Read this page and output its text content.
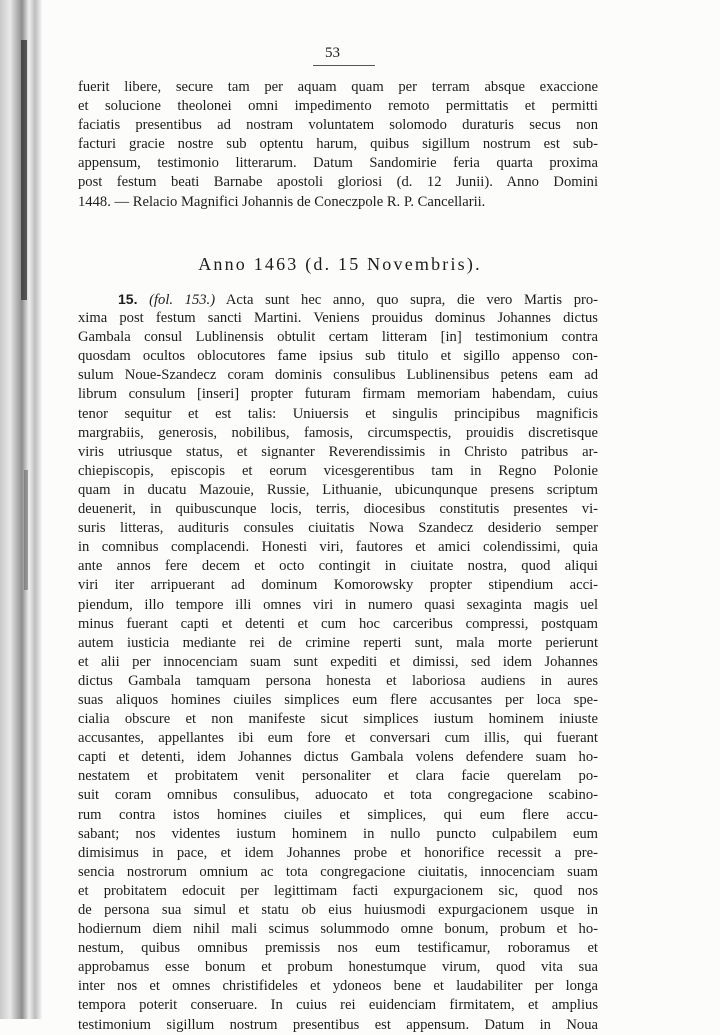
53
fuerit libere, secure tam per aquam quam per terram absque exaccione
et solucione theolonei omni impedimento remoto permittatis et permitti
faciatis presentibus ad nostram voluntatem solomodo duraturis secus non
facturi gracie nostre sub optentu harum, quibus sigillum nostrum est sub-
appensum, testimonio litterarum. Datum Sandomirie feria quarta proxima
post festum beati Barnabe apostoli gloriosi (d. 12 Junii). Anno Domini
1448. — Relacio Magnifici Johannis de Coneczpole R. P. Cancellarii.
Anno 1463 (d. 15 Novembris).
15. (fol. 153.) Acta sunt hec anno, quo supra, die vero Martis pro-
xima post festum sancti Martini. Veniens prouidus dominus Johannes dictus
Gambala consul Lublinensis obtulit certam litteram [in] testimonium contra
quosdam ocultos oblocutores fame ipsius sub titulo et sigillo appenso con-
sulum Noue-Szandecz coram dominis consulibus Lublinensibus petens eam ad
librum consulum [inseri] propter futuram firmam memoriam habendam, cuius
tenor sequitur et est talis: Uniuersis et singulis principibus magnificis
margrabiis, generosis, nobilibus, famosis, circumspectis, prouidis discretisque
viris utriusque status, et signanter Reverendissimis in Christo patribus ar-
chiepiscopis, episcopis et eorum vicesgerentibus tam in Regno Polonie
quam in ducatu Mazouie, Russie, Lithuanie, ubicunqunque presens scriptum
deuenerit, in quibuscunque locis, terris, diocesibus constitutis presentes vi-
suris litteras, audituris consules ciuitatis Nowa Szandecz desiderio semper
in comnibus complacendi. Honesti viri, fautores et amici colendissimi, quia
ante annos fere decem et octo contingit in ciuitate nostra, quod aliqui
viri iter arripuerant ad dominum Komorowsky propter stipendium acci-
piendum, illo tempore illi omnes viri in numero quasi sexaginta magis uel
minus fuerant capti et detenti et cum hoc carceribus compressi, postquam
autem iusticia mediante rei de crimine reperti sunt, mala morte perierunt
et alii per innocenciam suam sunt expediti et dimissi, sed idem Johannes
dictus Gambala tamquam persona honesta et laboriosa audiens in aures
suas aliquos homines ciuiles simplices eum flere accusantes per loca spe-
cialia obscure et non manifeste sicut simplices iustum hominem iniuste
accusantes, appellantes ibi eum fore et conversari cum illis, qui fuerant
capti et detenti, idem Johannes dictus Gambala volens defendere suam ho-
nestatem et probitatem venit personaliter et clara facie querelam po-
suit coram omnibus consulibus, aduocato et tota congregacione scabino-
rum contra istos homines ciuiles et simplices, qui eum flere accu-
sabant; nos videntes iustum hominem in nullo puncto culpabilem eum
dimisimus in pace, et idem Johannes probe et honorifice recessit a pre-
sencia nostrorum omnium ac tota congregacione ciuitatis, innocenciam suam
et probitatem edocuit per legittimam facti expurgacionem sic, quod nos
de persona sua simul et statu ob eius huiusmodi expurgacionem usque in
hodiernum diem nihil mali scimus solummodo omne bonum, probum et ho-
nestum, quibus omnibus premissis nos eum testificamur, roboramus et
approbamus esse bonum et probum honestumque virum, quod vita sua
inter nos et omnes christifideles et ydoneos bene et laudabiliter per longa
tempora poterit conseruare. In cuius rei euidenciam firmitatem, et amplius
testimonium sigillum nostrum presentibus est appensum. Datum in Noua
